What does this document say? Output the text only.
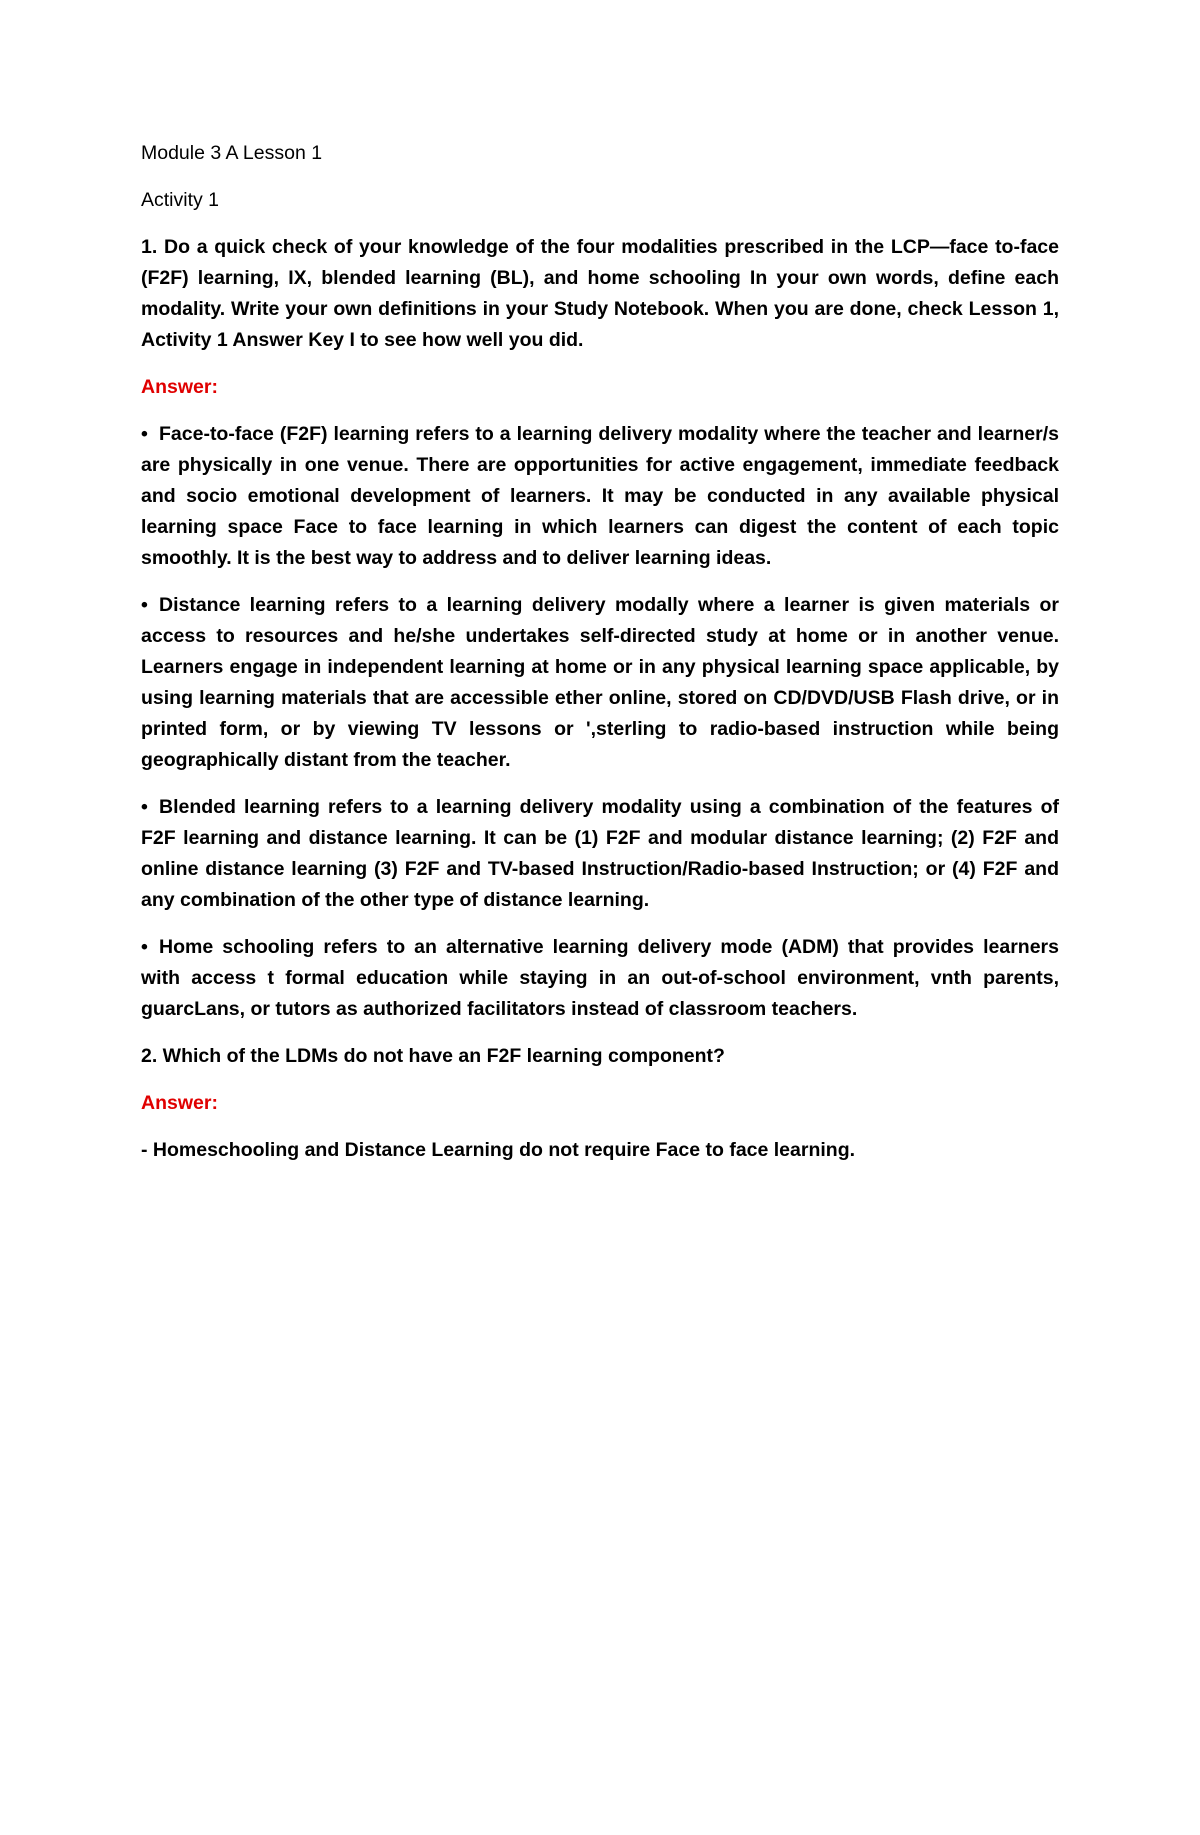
Module 3 A Lesson 1
Activity 1
1. Do a quick check of your knowledge of the four modalities prescribed in the LCP—face to-face (F2F) learning, IX, blended learning (BL), and home schooling In your own words, define each modality. Write your own definitions in your Study Notebook. When you are done, check Lesson 1, Activity 1 Answer Key I to see how well you did.
Answer:
• Face-to-face (F2F) learning refers to a learning delivery modality where the teacher and learner/s are physically in one venue. There are opportunities for active engagement, immediate feedback and socio emotional development of learners. It may be conducted in any available physical learning space Face to face learning in which learners can digest the content of each topic smoothly. It is the best way to address and to deliver learning ideas.
• Distance learning refers to a learning delivery modally where a learner is given materials or access to resources and he/she undertakes self-directed study at home or in another venue. Learners engage in independent learning at home or in any physical learning space applicable, by using learning materials that are accessible ether online, stored on CD/DVD/USB Flash drive, or in printed form, or by viewing TV lessons or ',sterling to radio-based instruction while being geographically distant from the teacher.
• Blended learning refers to a learning delivery modality using a combination of the features of F2F learning and distance learning. It can be (1) F2F and modular distance learning; (2) F2F and online distance learning (3) F2F and TV-based Instruction/Radio-based Instruction; or (4) F2F and any combination of the other type of distance learning.
• Home schooling refers to an alternative learning delivery mode (ADM) that provides learners with access t formal education while staying in an out-of-school environment, vnth parents, guarcLans, or tutors as authorized facilitators instead of classroom teachers.
2. Which of the LDMs do not have an F2F learning component?
Answer:
- Homeschooling and Distance Learning do not require Face to face learning.
